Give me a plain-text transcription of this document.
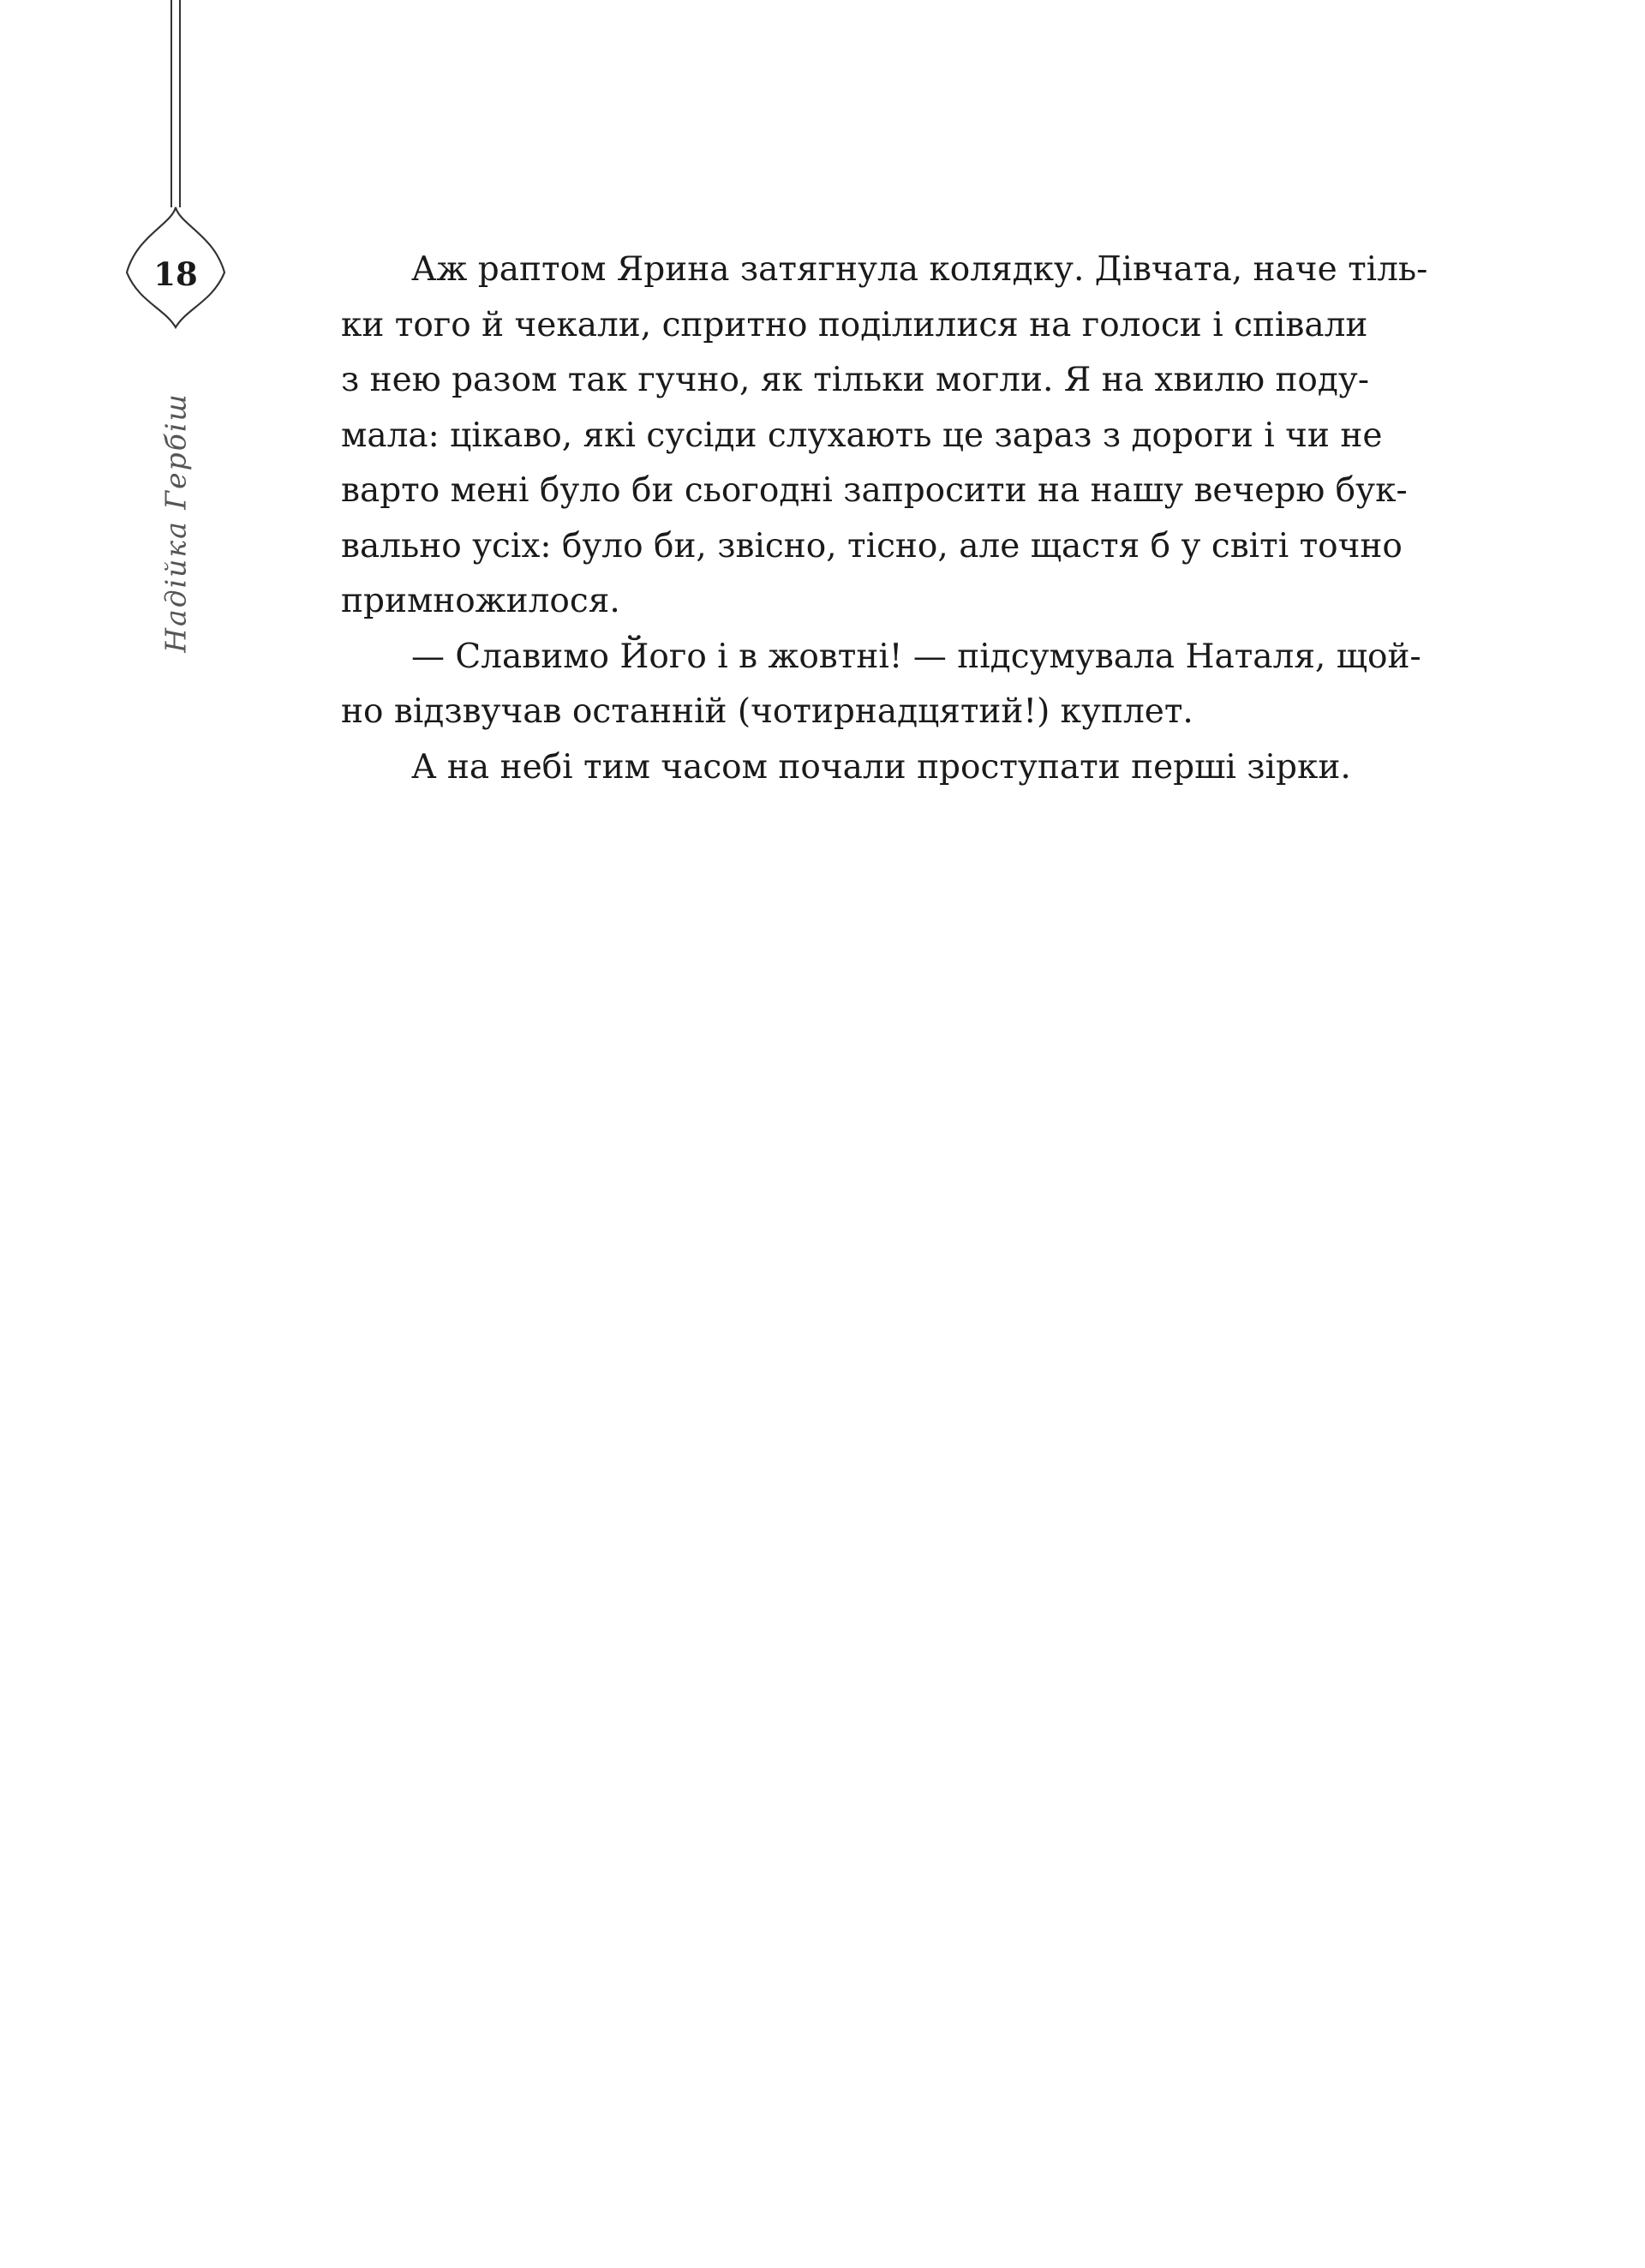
18
Надійка Гербіш
Аж раптом Ярина затягнула колядку. Дівчата, наче тіль-
ки того й чекали, спритно поділилися на голоси і співали
з нею разом так гучно, як тільки могли. Я на хвилю поду-
мала: цікаво, які сусіди слухають це зараз з дороги і чи не
варто мені було би сьогодні запросити на нашу вечерю бук-
вально усіх: було би, звісно, тісно, але щастя б у світі точно
примножилося.
— Славимо Його і в жовтні! — підсумувала Наталя, щой-
но відзвучав останній (чотирнадцятий!) куплет.
А на небі тим часом почали проступати перші зірки.
